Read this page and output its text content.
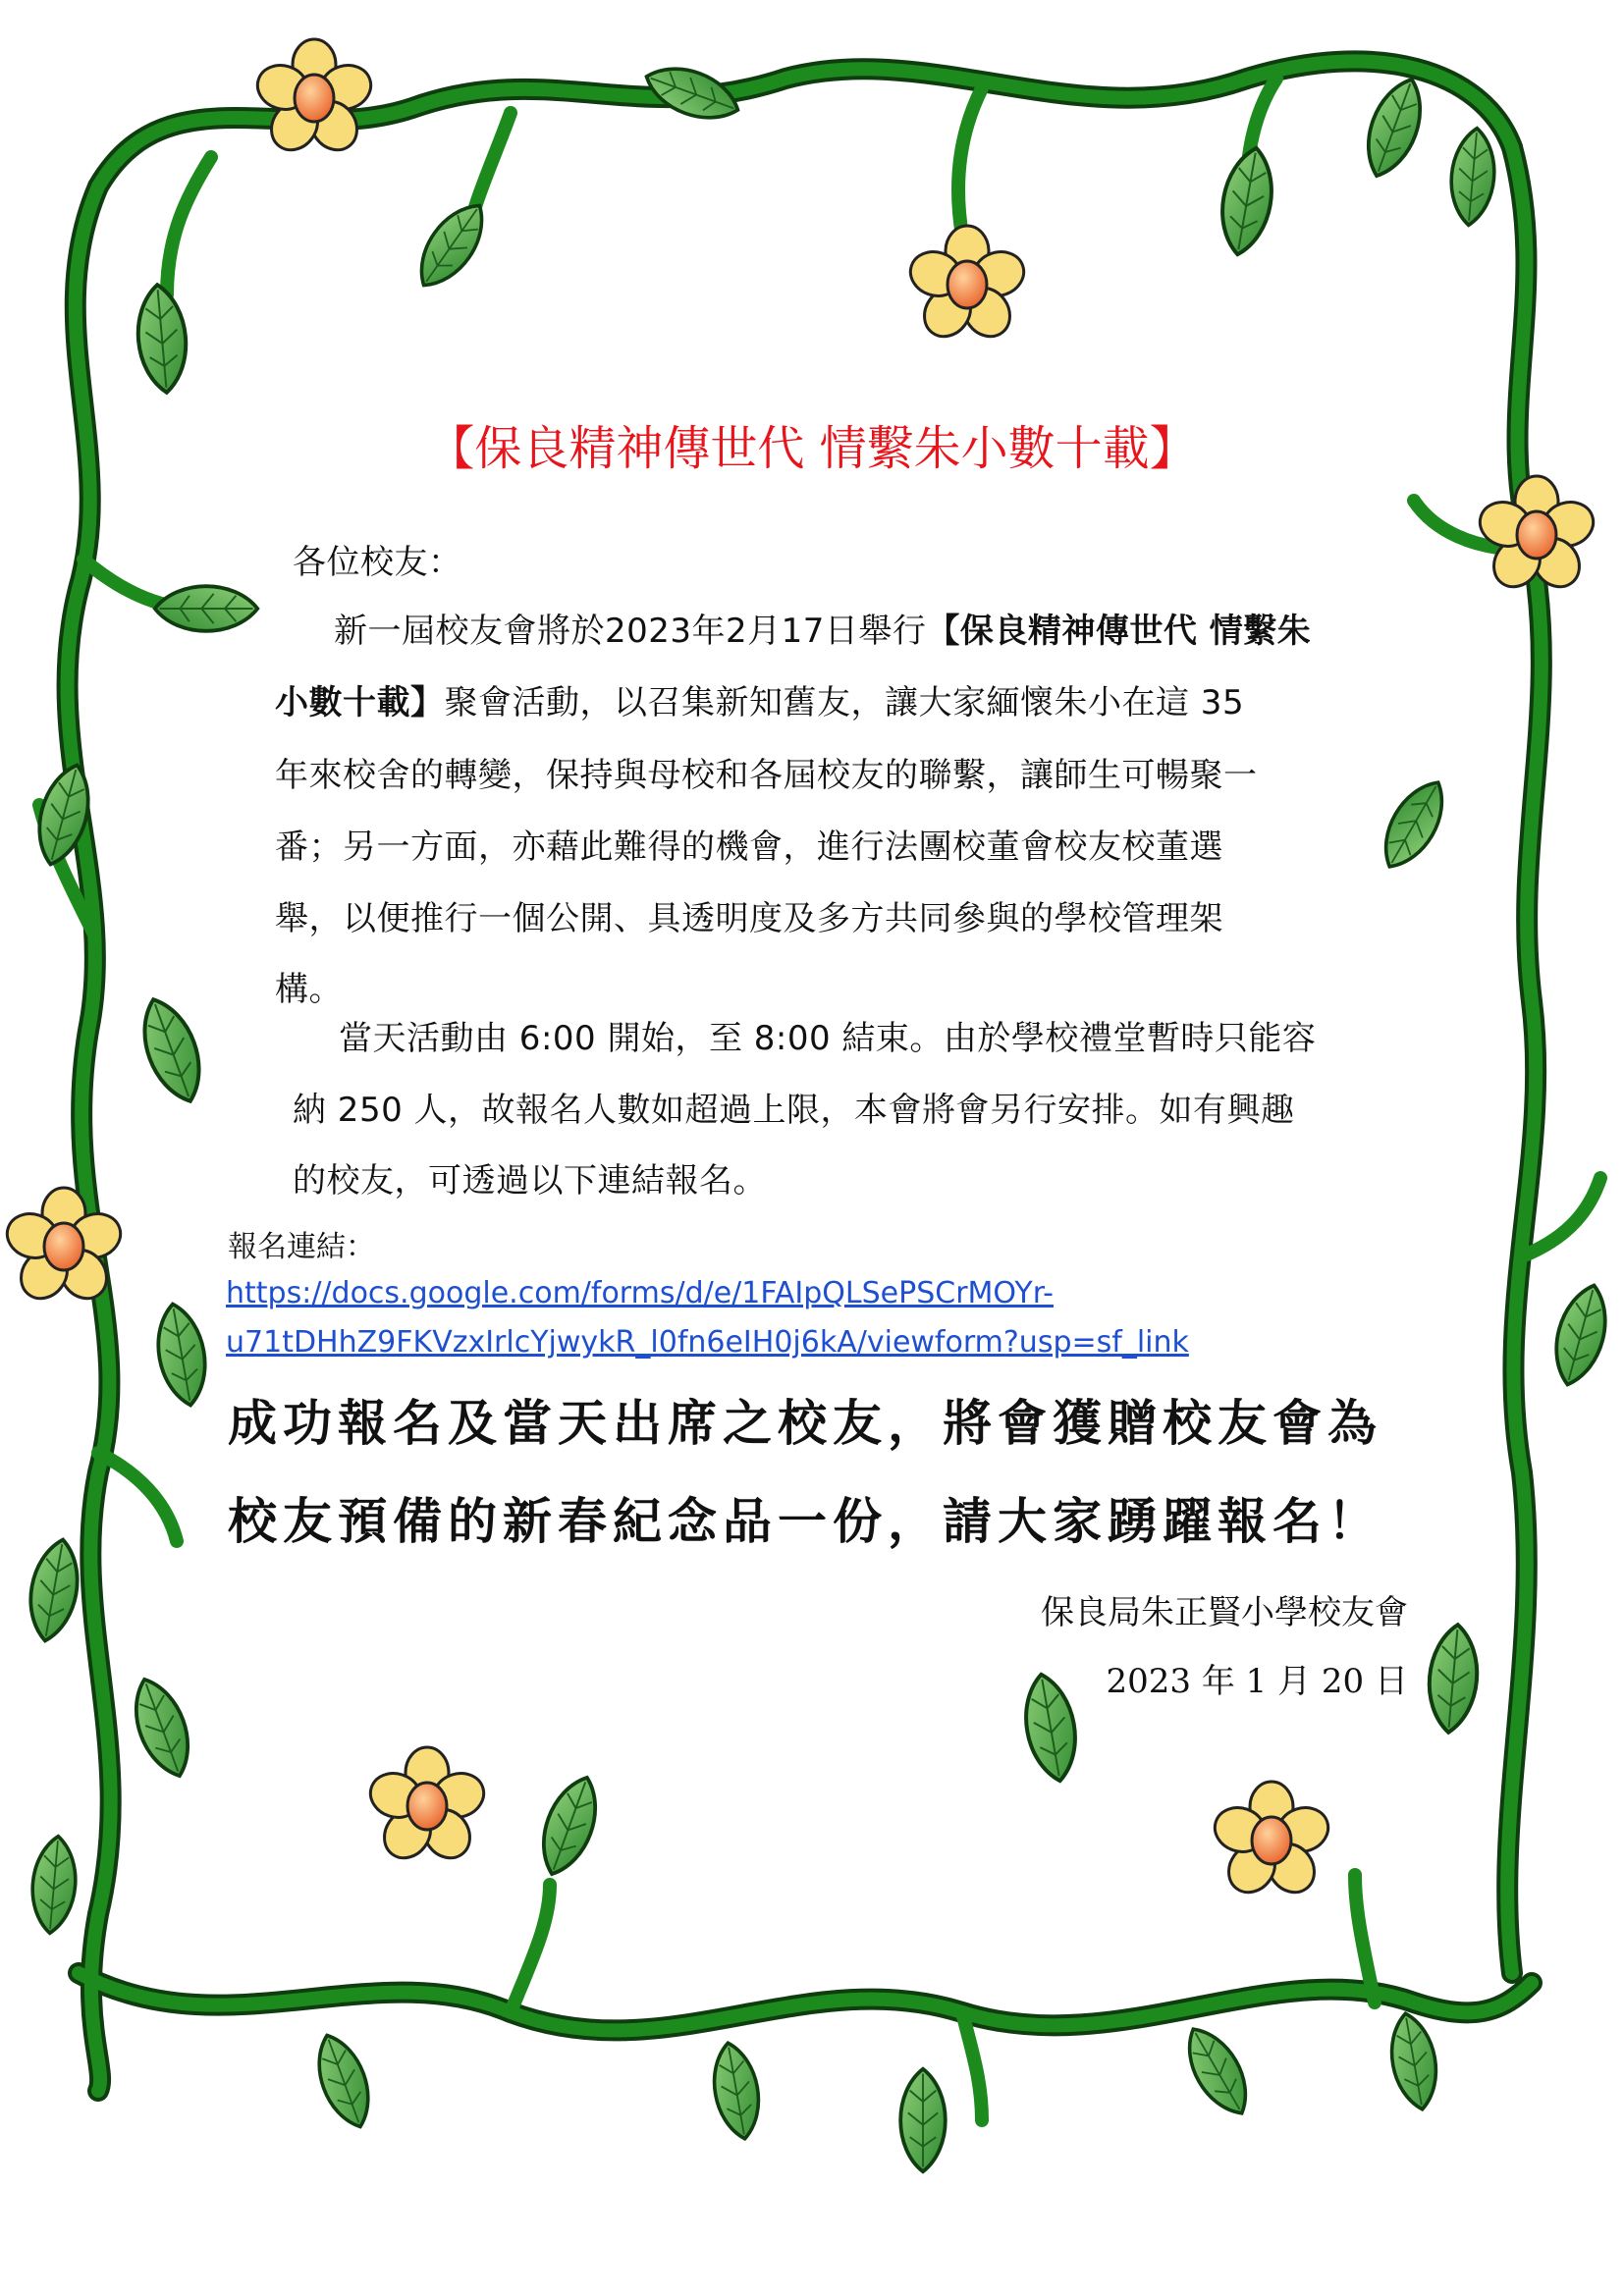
【保良精神傳世代 情繫朱小數十載】
各位校友：
新一屆校友會將於2023年2月17日舉行【保良精神傳世代 情繫朱
小數十載】聚會活動，以召集新知舊友，讓大家緬懷朱小在這 35
年來校舍的轉變，保持與母校和各屆校友的聯繫，讓師生可暢聚一
番；另一方面，亦藉此難得的機會，進行法團校董會校友校董選
舉，以便推行一個公開、具透明度及多方共同參與的學校管理架
構。
當天活動由 6:00 開始，至 8:00 結束。由於學校禮堂暫時只能容
納 250 人，故報名人數如超過上限，本會將會另行安排。如有興趣
的校友，可透過以下連結報名。
報名連結：
https://docs.google.com/forms/d/e/1FAIpQLSePSCrMOYr-
u71tDHhZ9FKVzxIrlcYjwykR_l0fn6eIH0j6kA/viewform?usp=sf_link
成功報名及當天出席之校友，將會獲贈校友會為
校友預備的新春紀念品一份，請大家踴躍報名！
保良局朱正賢小學校友會
2023 年 1 月 20 日
